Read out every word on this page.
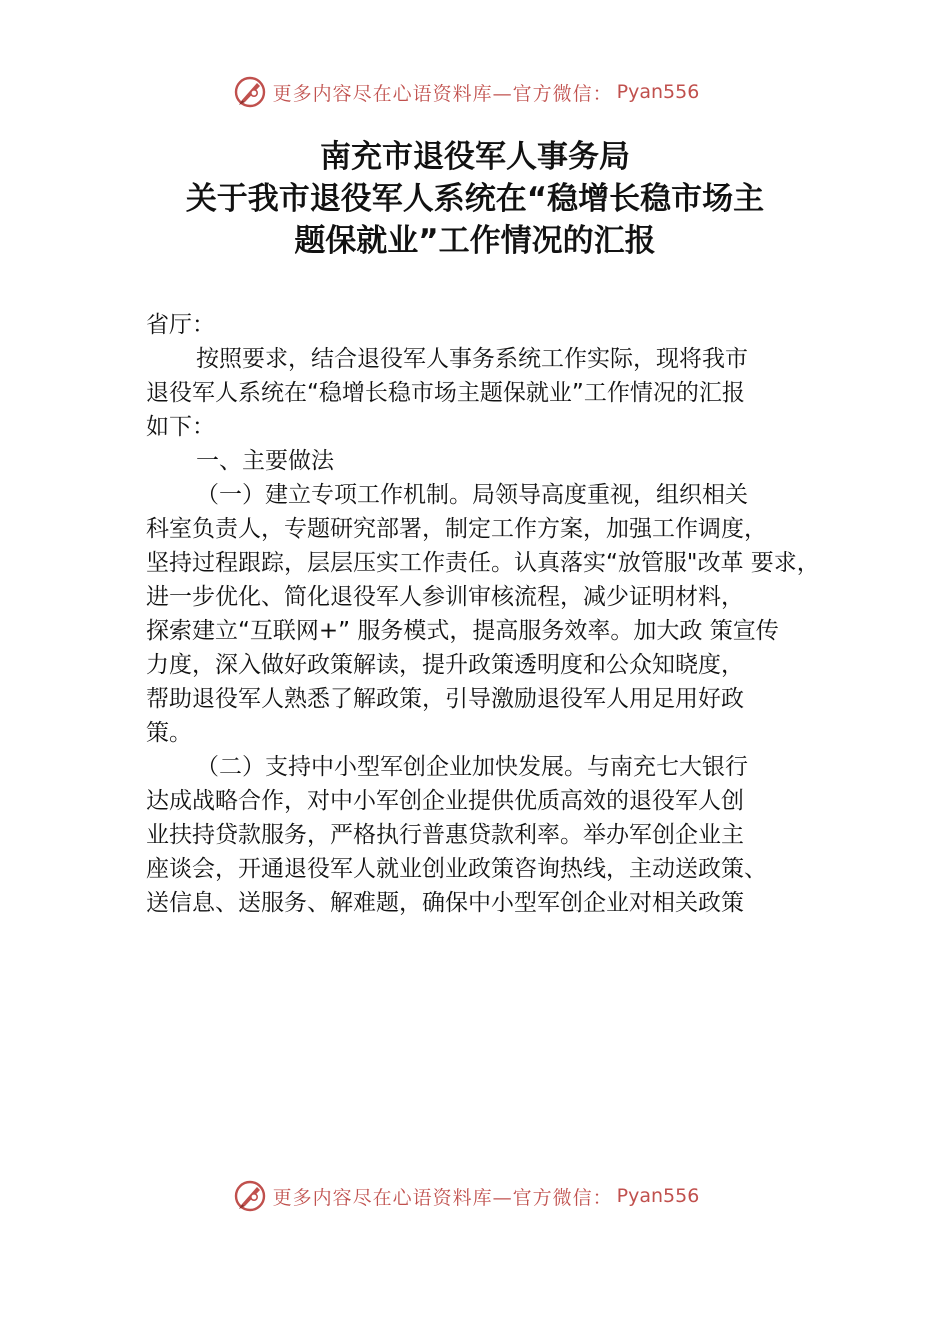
更多内容尽在心语资料库—官方微信： Pyan556
南充市退役军人事务局
关于我市退役军人系统在“稳增长稳市场主
题保就业”工作情况的汇报

省厅：

按照要求，结合退役军人事务系统工作实际，现将我市

退役军人系统在“稳增长稳市场主题保就业”工作情况的汇报

如下：

一、主要做法

（一）建立专项工作机制。局领导高度重视，组织相关

科室负责人，专题研究部署，制定工作方案，加强工作调度，

坚持过程跟踪，层层压实工作责任。认真落实“放管服"改革 要求，

进一步优化、简化退役军人参训审核流程，减少证明材料，

探索建立“互联网+” 服务模式，提高服务效率。加大政 策宣传

力度，深入做好政策解读，提升政策透明度和公众知晓度，

帮助退役军人熟悉了解政策，引导激励退役军人用足用好政

策。

（二）支持中小型军创企业加快发展。与南充七大银行

达成战略合作，对中小军创企业提供优质高效的退役军人创

业扶持贷款服务，严格执行普惠贷款利率。举办军创企业主

座谈会，开通退役军人就业创业政策咨询热线，主动送政策、

送信息、送服务、解难题，确保中小型军创企业对相关政策

更多内容尽在心语资料库—官方微信： Pyan556
